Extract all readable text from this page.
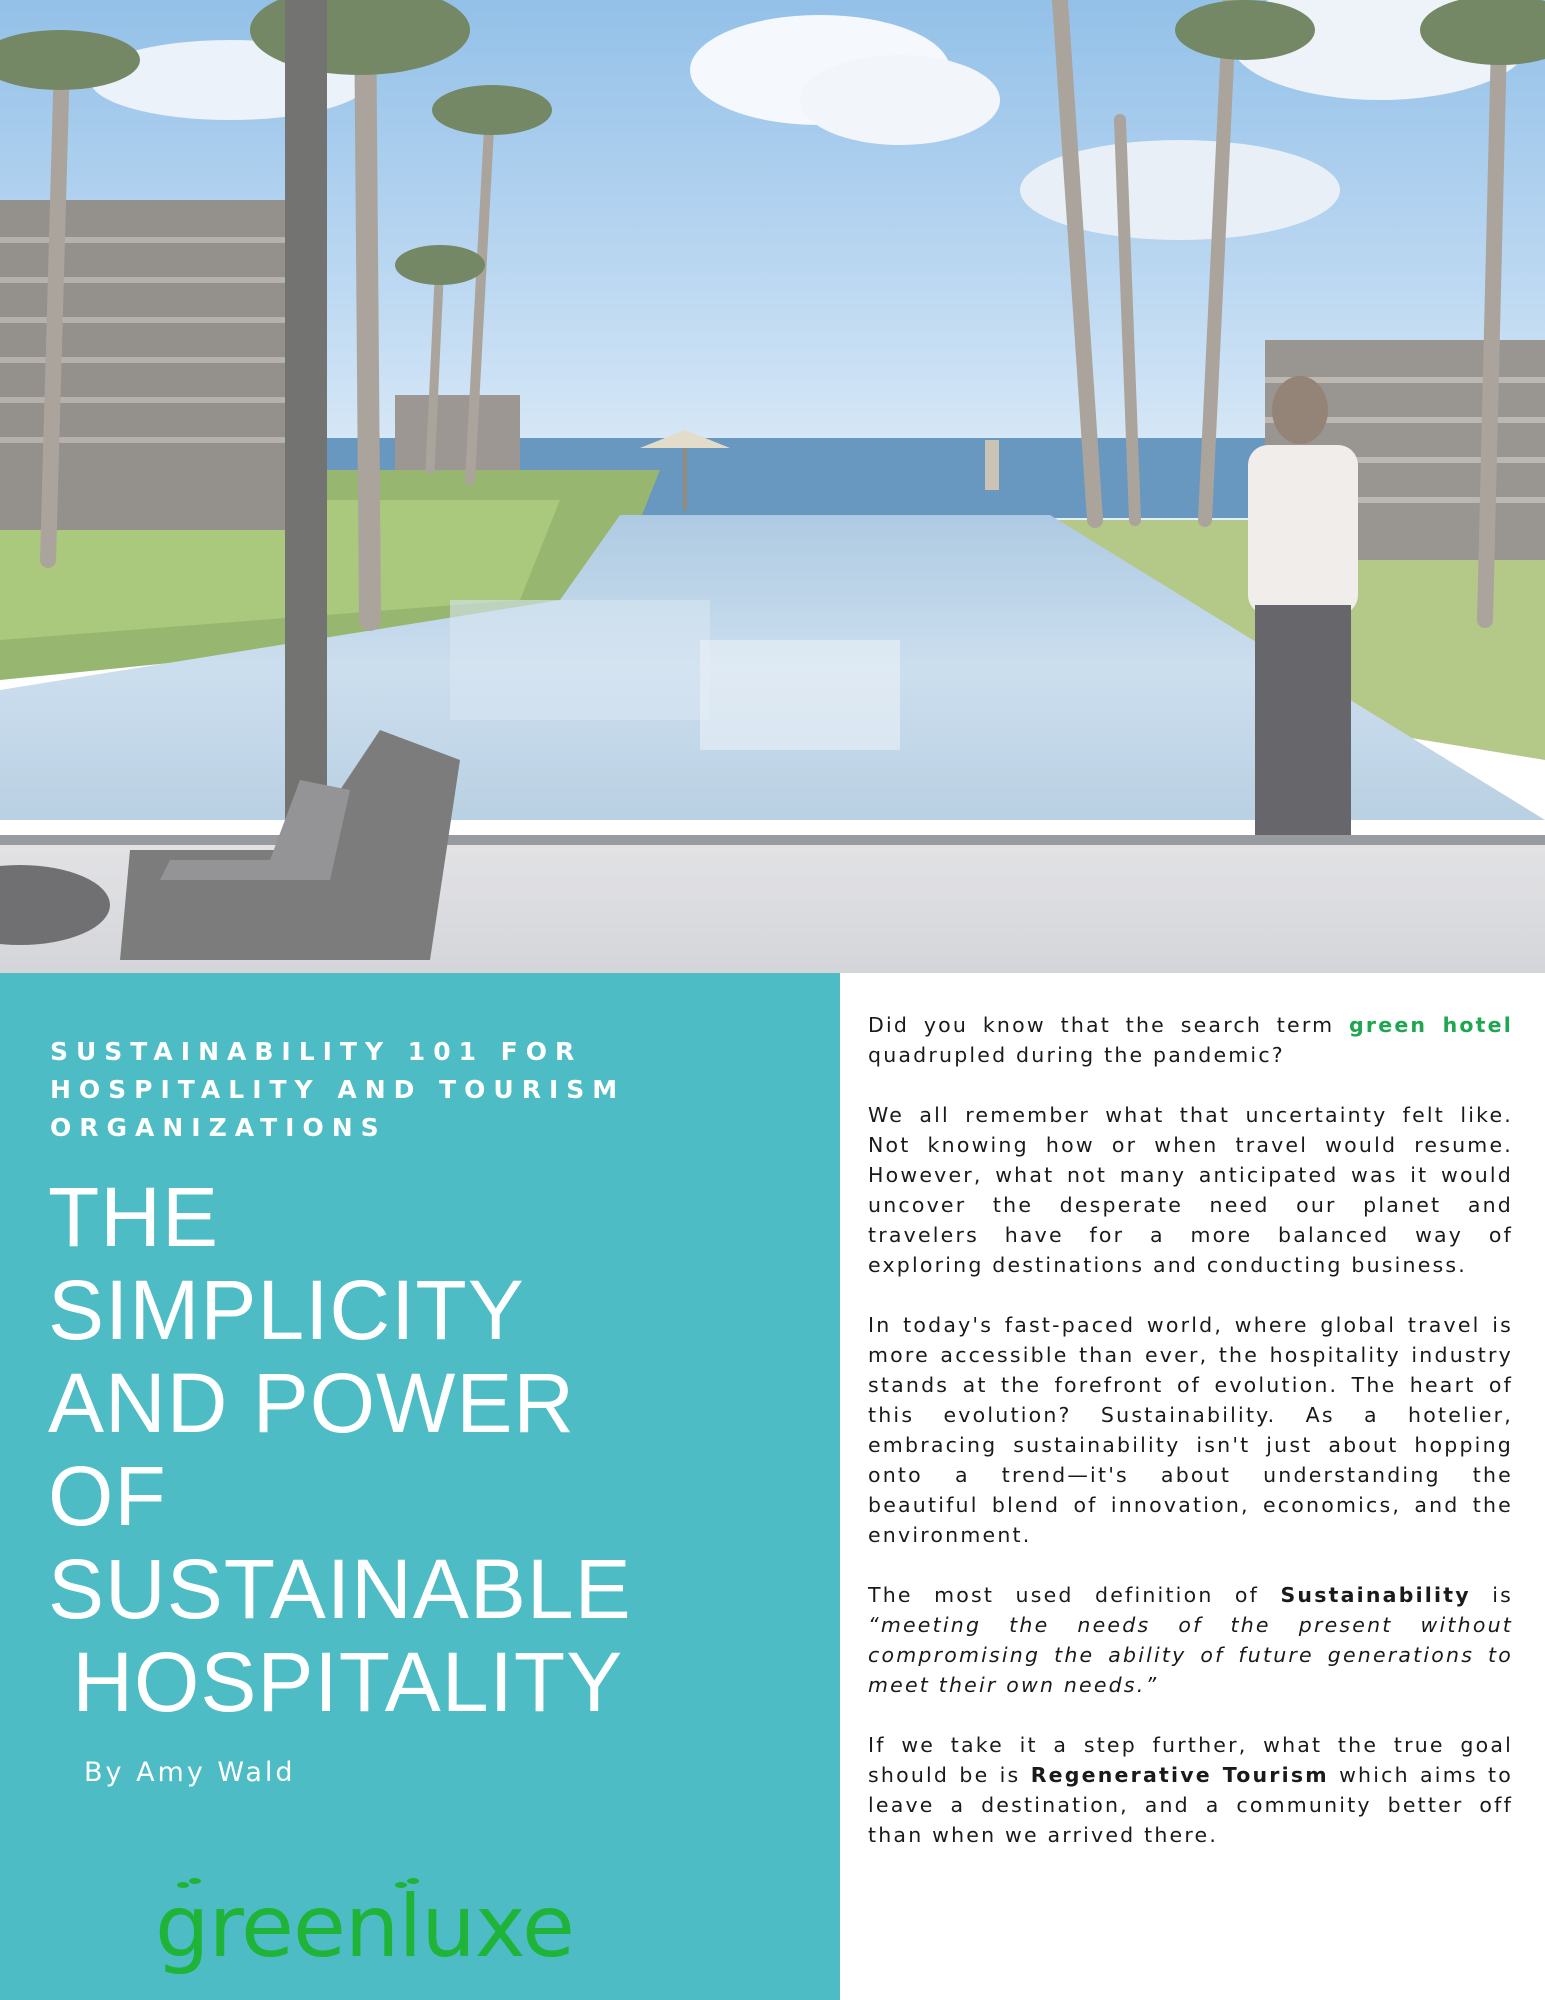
SUSTAINABILITY 101 FOR
HOSPITALITY AND TOURISM
ORGANIZATIONS
THE
SIMPLICITY
AND POWER
OF
SUSTAINABLE
HOSPITALITY
By Amy Wald
greenluxe

Did you know that the search term green hotel quadrupled during the pandemic?

We all remember what that uncertainty felt like. Not knowing how or when travel would resume. However, what not many anticipated was it would uncover the desperate need our planet and travelers have for a more balanced way of exploring destinations and conducting business.

In today's fast-paced world, where global travel is more accessible than ever, the hospitality industry stands at the forefront of evolution. The heart of this evolution? Sustainability. As a hotelier, embracing sustainability isn't just about hopping onto a trend—it's about understanding the beautiful blend of innovation, economics, and the environment.

The most used definition of Sustainability is “meeting the needs of the present without compromising the ability of future generations to meet their own needs.”

If we take it a step further, what the true goal should be is Regenerative Tourism which aims to leave a destination, and a community better off than when we arrived there.
